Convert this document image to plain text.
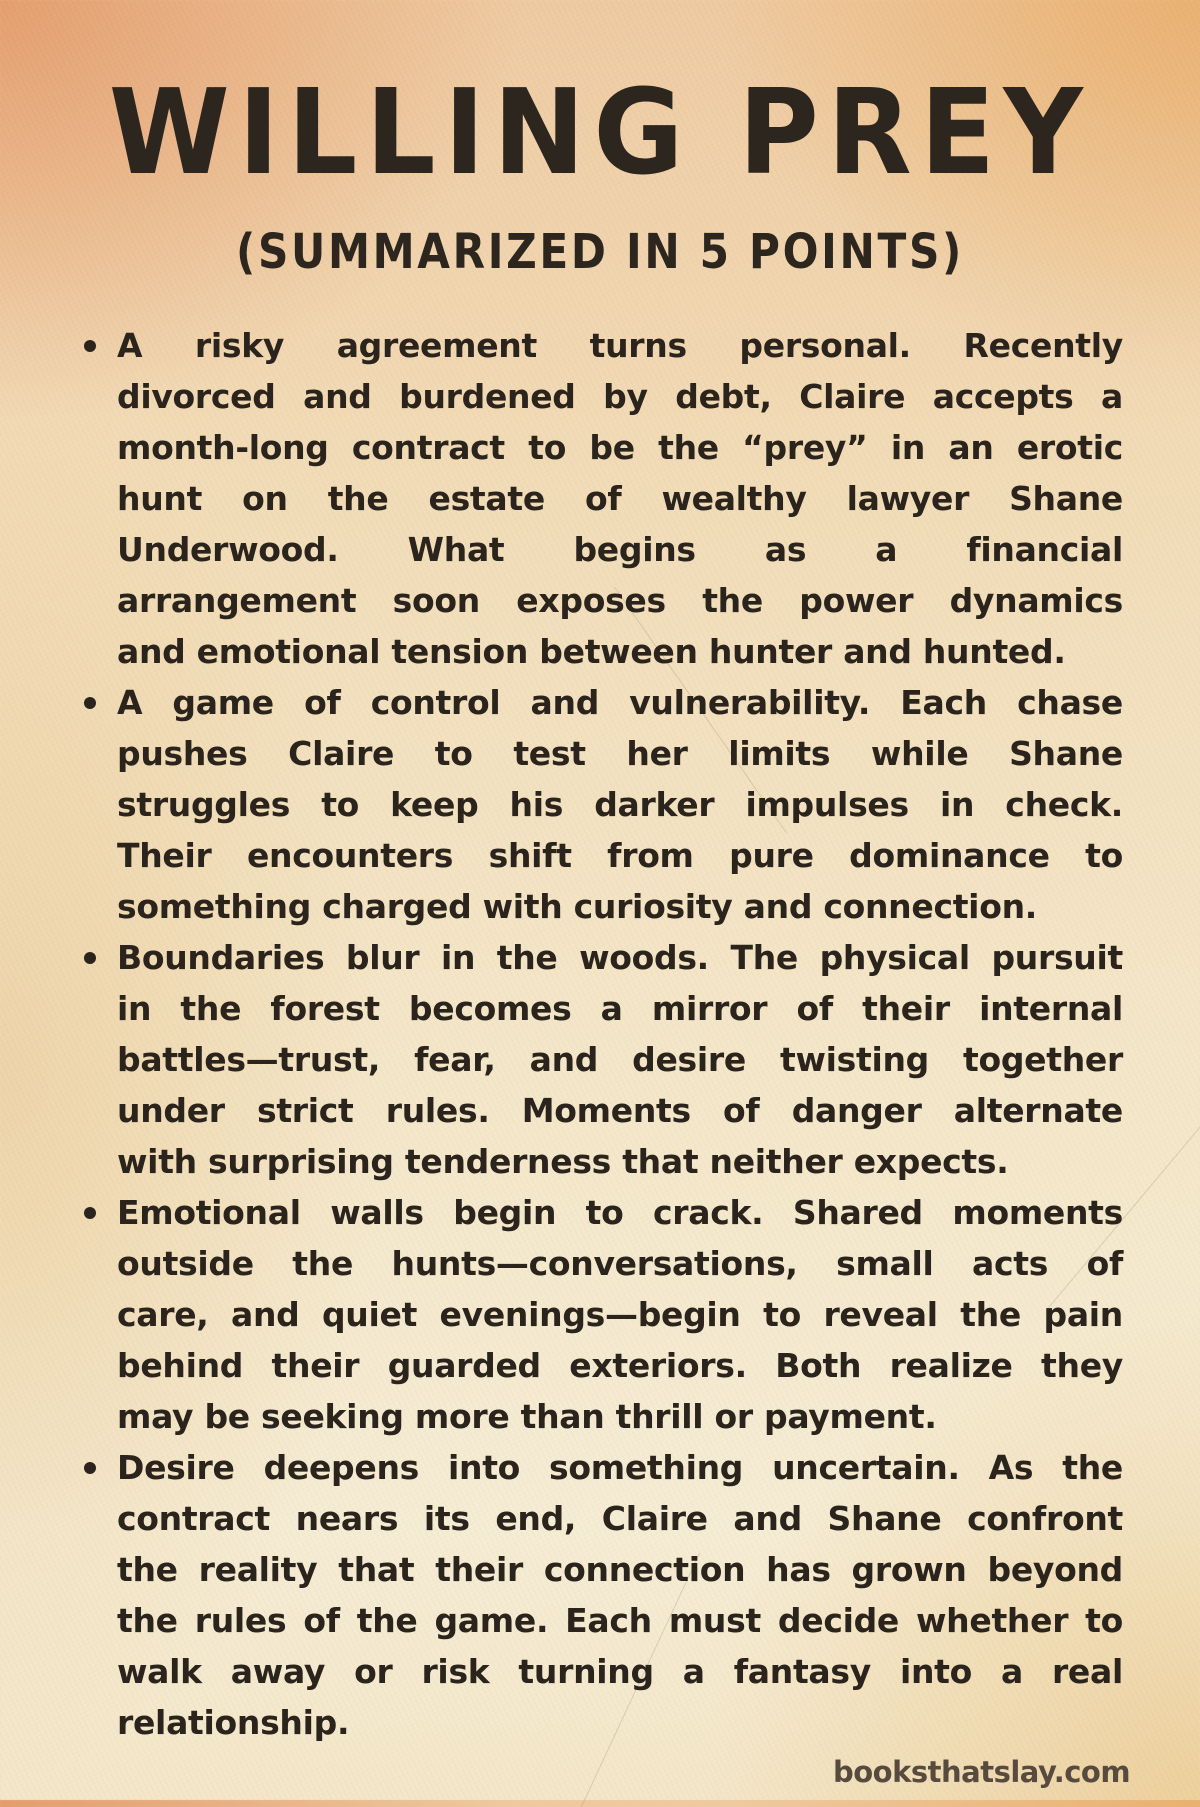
WILLING PREY
(SUMMARIZED IN 5 POINTS)
A risky agreement turns personal. Recently
divorced and burdened by debt, Claire accepts a
month-long contract to be the “prey” in an erotic
hunt on the estate of wealthy lawyer Shane
Underwood. What begins as a financial
arrangement soon exposes the power dynamics
and emotional tension between hunter and hunted.
A game of control and vulnerability. Each chase
pushes Claire to test her limits while Shane
struggles to keep his darker impulses in check.
Their encounters shift from pure dominance to
something charged with curiosity and connection.
Boundaries blur in the woods. The physical pursuit
in the forest becomes a mirror of their internal
battles—trust, fear, and desire twisting together
under strict rules. Moments of danger alternate
with surprising tenderness that neither expects.
Emotional walls begin to crack. Shared moments
outside the hunts—conversations, small acts of
care, and quiet evenings—begin to reveal the pain
behind their guarded exteriors. Both realize they
may be seeking more than thrill or payment.
Desire deepens into something uncertain. As the
contract nears its end, Claire and Shane confront
the reality that their connection has grown beyond
the rules of the game. Each must decide whether to
walk away or risk turning a fantasy into a real
relationship.
booksthatslay.com
